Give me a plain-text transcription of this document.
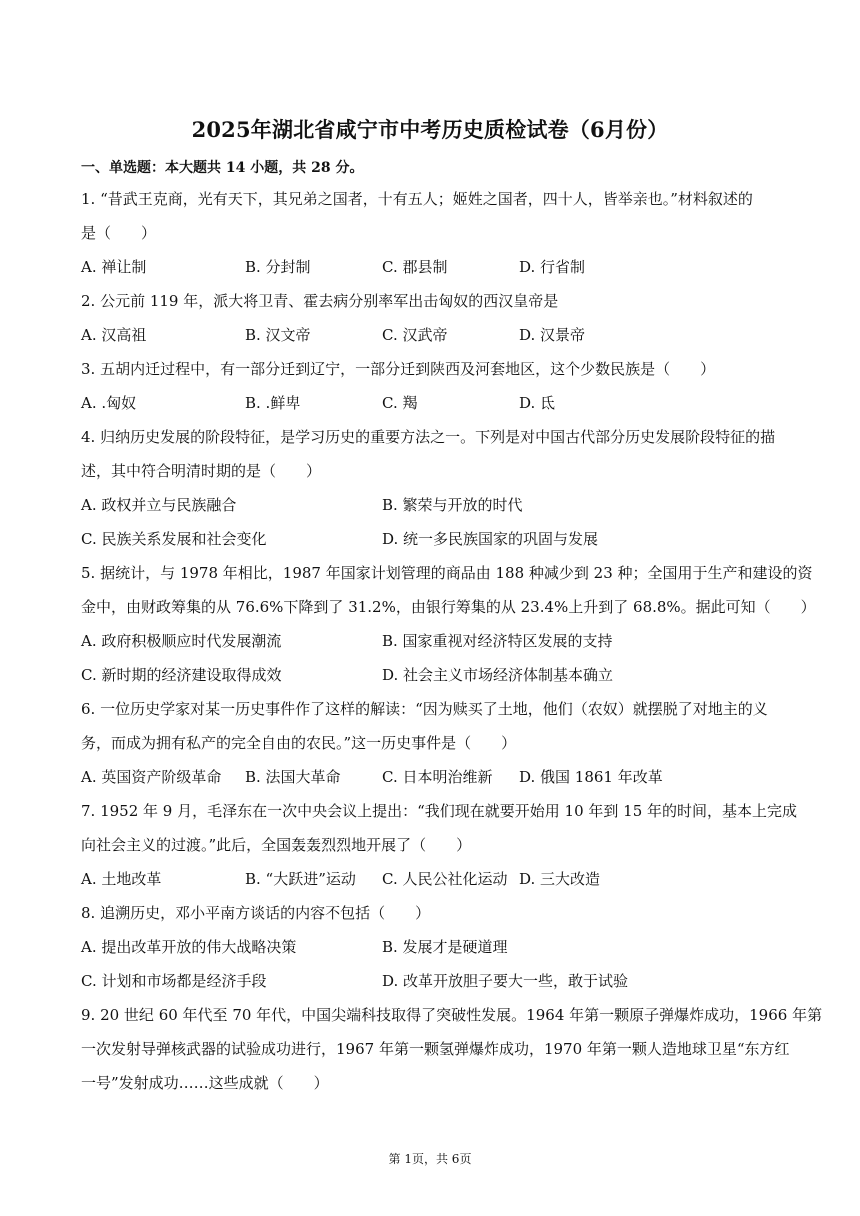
2025年湖北省咸宁市中考历史质检试卷（6月份）
一、单选题：本大题共 14 小题，共 28 分。
1. “昔武王克商，光有天下，其兄弟之国者，十有五人；姬姓之国者，四十人，皆举亲也。”材料叙述的
是（　　）
A. 禅让制	B. 分封制	C. 郡县制	D. 行省制
2. 公元前 119 年，派大将卫青、霍去病分别率军出击匈奴的西汉皇帝是
A. 汉高祖	B. 汉文帝	C. 汉武帝	D. 汉景帝
3. 五胡内迁过程中，有一部分迁到辽宁，一部分迁到陕西及河套地区，这个少数民族是（　　）
A. .匈奴	B. .鲜卑	C. 羯	D. 氐
4. 归纳历史发展的阶段特征，是学习历史的重要方法之一。下列是对中国古代部分历史发展阶段特征的描
述，其中符合明清时期的是（　　）
A. 政权并立与民族融合	B. 繁荣与开放的时代
C. 民族关系发展和社会变化	D. 统一多民族国家的巩固与发展
5. 据统计，与 1978 年相比，1987 年国家计划管理的商品由 188 种减少到 23 种；全国用于生产和建设的资
金中，由财政筹集的从 76.6%下降到了 31.2%，由银行筹集的从 23.4%上升到了 68.8%。据此可知（　　）
A. 政府积极顺应时代发展潮流	B. 国家重视对经济特区发展的支持
C. 新时期的经济建设取得成效	D. 社会主义市场经济体制基本确立
6. 一位历史学家对某一历史事件作了这样的解读：“因为赎买了土地，他们（农奴）就摆脱了对地主的义
务，而成为拥有私产的完全自由的农民。”这一历史事件是（　　）
A. 英国资产阶级革命 B. 法国大革命	C. 日本明治维新 D. 俄国 1861 年改革
7. 1952 年 9 月，毛泽东在一次中央会议上提出：“我们现在就要开始用 10 年到 15 年的时间，基本上完成
向社会主义的过渡。”此后，全国轰轰烈烈地开展了（　　）
A. 土地改革	B. “大跃进”运动 C. 人民公社化运动 D. 三大改造
8. 追溯历史，邓小平南方谈话的内容不包括（　　）
A. 提出改革开放的伟大战略决策	B. 发展才是硬道理
C. 计划和市场都是经济手段	D. 改革开放胆子要大一些，敢于试验
9. 20 世纪 60 年代至 70 年代，中国尖端科技取得了突破性发展。1964 年第一颗原子弹爆炸成功，1966 年第
一次发射导弹核武器的试验成功进行，1967 年第一颗氢弹爆炸成功，1970 年第一颗人造地球卫星“东方红
一号”发射成功……这些成就（　　）
第 1页，共 6页
